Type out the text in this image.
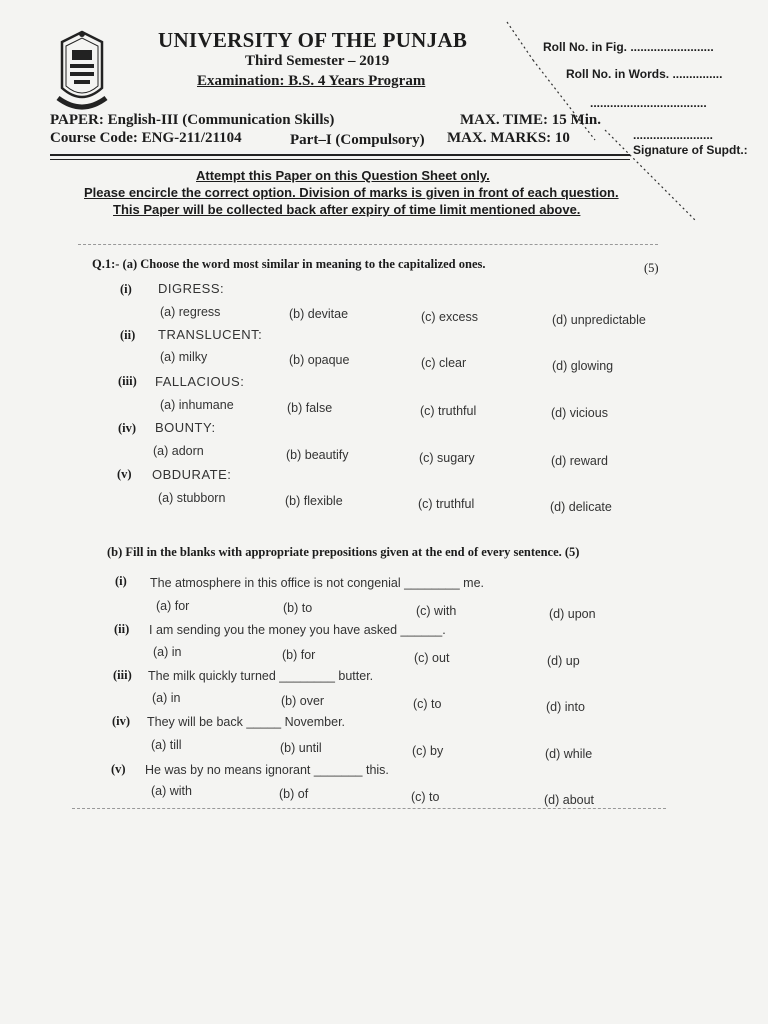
UNIVERSITY OF THE PUNJAB
Third Semester – 2019
Examination: B.S. 4 Years Program
Roll No. in Fig. .........................
Roll No. in Words. ...............
...................................
........................
Signature of Supdt.:
PAPER: English-III (Communication Skills)
Course Code: ENG-211/21104	Part–I (Compulsory)
MAX. TIME: 15 Min.
MAX. MARKS: 10
Attempt this Paper on this Question Sheet only.
Please encircle the correct option. Division of marks is given in front of each question.
This Paper will be collected back after expiry of time limit mentioned above.
Q.1:- (a) Choose the word most similar in meaning to the capitalized ones.	(5)
(i) DIGRESS:
(a) regress	(b) devitae	(c) excess	(d) unpredictable
(ii) TRANSLUCENT:
(a) milky	(b) opaque	(c) clear	(d) glowing
(iii) FALLACIOUS:
(a) inhumane	(b) false	(c) truthful	(d) vicious
(iv) BOUNTY:
(a) adorn	(b) beautify	(c) sugary	(d) reward
(v) OBDURATE:
(a) stubborn	(b) flexible	(c) truthful	(d) delicate
(b) Fill in the blanks with appropriate prepositions given at the end of every sentence. (5)
(i) The atmosphere in this office is not congenial ________ me.
(a) for	(b) to	(c) with	(d) upon
(ii) I am sending you the money you have asked ______.
(a) in	(b) for	(c) out	(d) up
(iii) The milk quickly turned ________ butter.
(a) in	(b) over	(c) to	(d) into
(iv) They will be back _____ November.
(a) till	(b) until	(c) by	(d) while
(v) He was by no means ignorant _______ this.
(a) with	(b) of	(c) to	(d) about
